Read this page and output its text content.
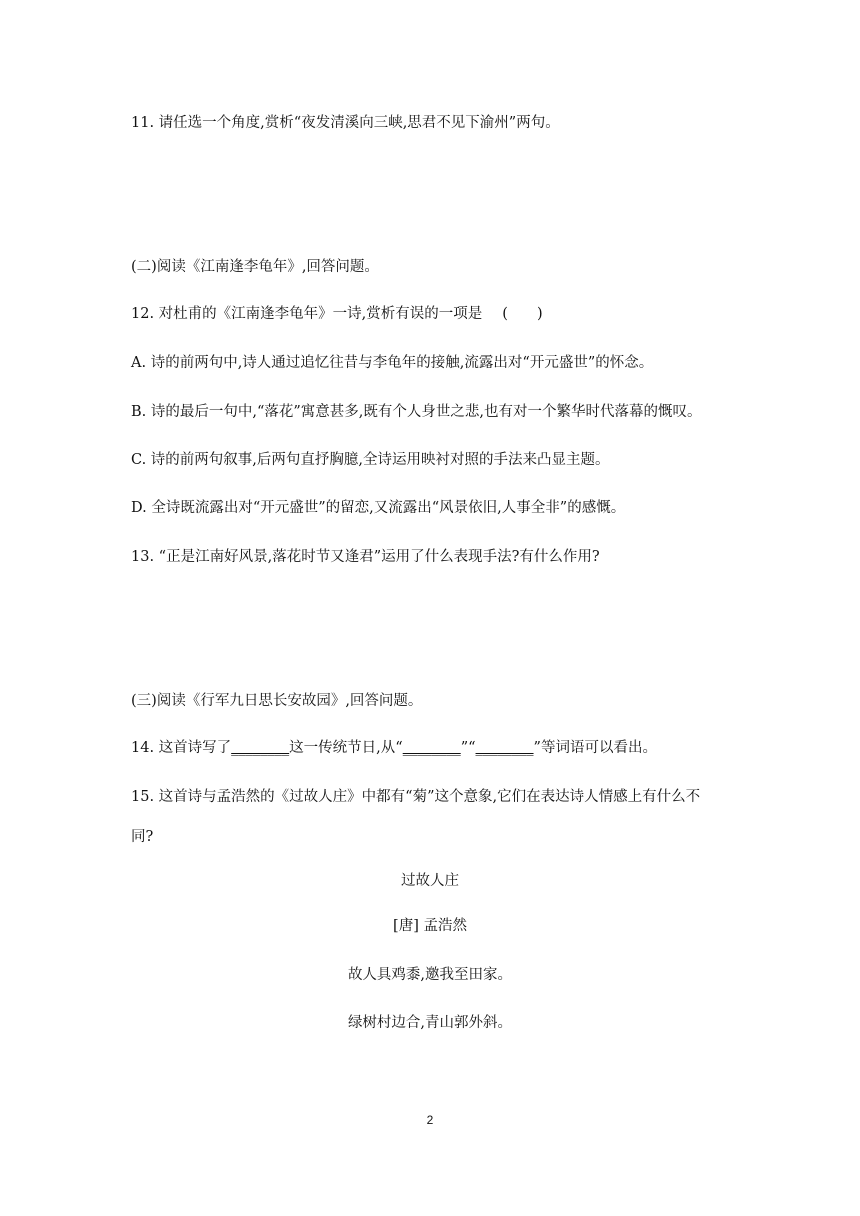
11. 请任选一个角度,赏析“夜发清溪向三峡,思君不见下渝州”两句。

(二)阅读《江南逢李龟年》,回答问题。

12. 对杜甫的《江南逢李龟年》一诗,赏析有误的一项是 (　　)

A. 诗的前两句中,诗人通过追忆往昔与李龟年的接触,流露出对“开元盛世”的怀念。

B. 诗的最后一句中,“落花”寓意甚多,既有个人身世之悲,也有对一个繁华时代落幕的慨叹。

C. 诗的前两句叙事,后两句直抒胸臆,全诗运用映衬对照的手法来凸显主题。

D. 全诗既流露出对“开元盛世”的留恋,又流露出“风景依旧,人事全非”的感慨。

13. “正是江南好风景,落花时节又逢君”运用了什么表现手法?有什么作用?

(三)阅读《行军九日思长安故园》,回答问题。

14. 这首诗写了________这一传统节日,从“________”“________”等词语可以看出。

15. 这首诗与孟浩然的《过故人庄》中都有“菊”这个意象,它们在表达诗人情感上有什么不

同?

过故人庄

[唐] 孟浩然

故人具鸡黍,邀我至田家。

绿树村边合,青山郭外斜。

2
